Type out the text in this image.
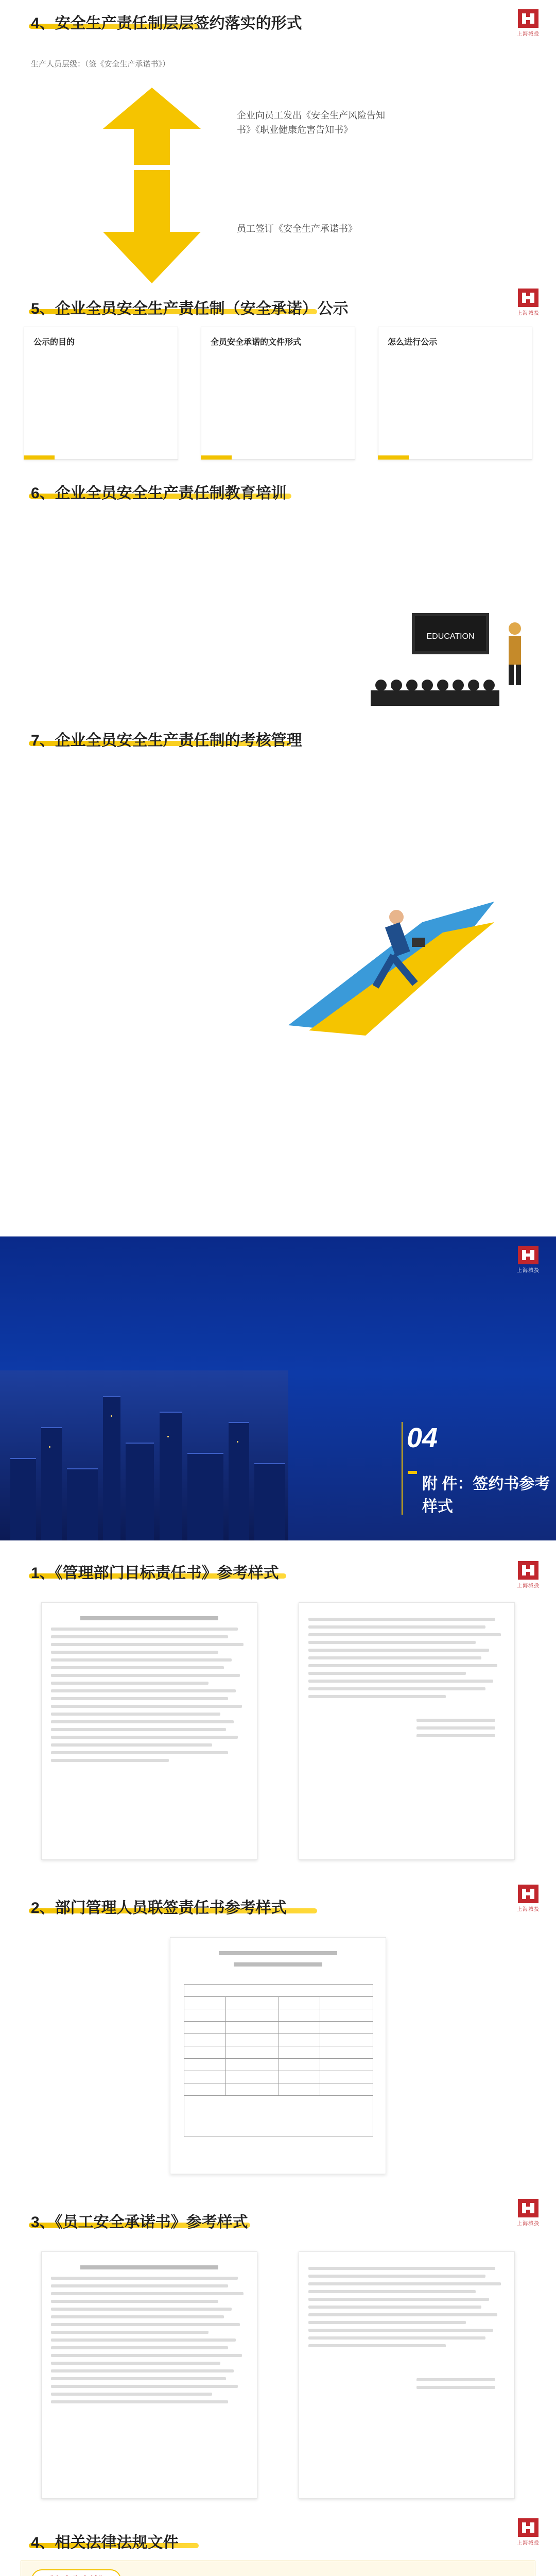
4、安全生产责任制层层签约落实的形式
上海城投
生产人员层级：（签《安全生产承诺书》）
企业向员工发出《安全生产风险告知书》《职业健康危害告知书》
员工签订《安全生产承诺书》
5、企业全员安全生产责任制（安全承诺）公示	上海城投
公示的目的	全员安全承诺的文件形式	怎么进行公示
6、企业全员安全生产责任制教育培训
EDUCATION
7、企业全员安全生产责任制的考核管理
上海城投
04
附 件：签约书参考样式
1、《管理部门目标责任书》参考样式
上海城投
2、部门管理人员联签责任书参考样式	上海城投

3、《员工安全承诺书》参考样式	上海城投
4、相关法律法规文件	上海城投
